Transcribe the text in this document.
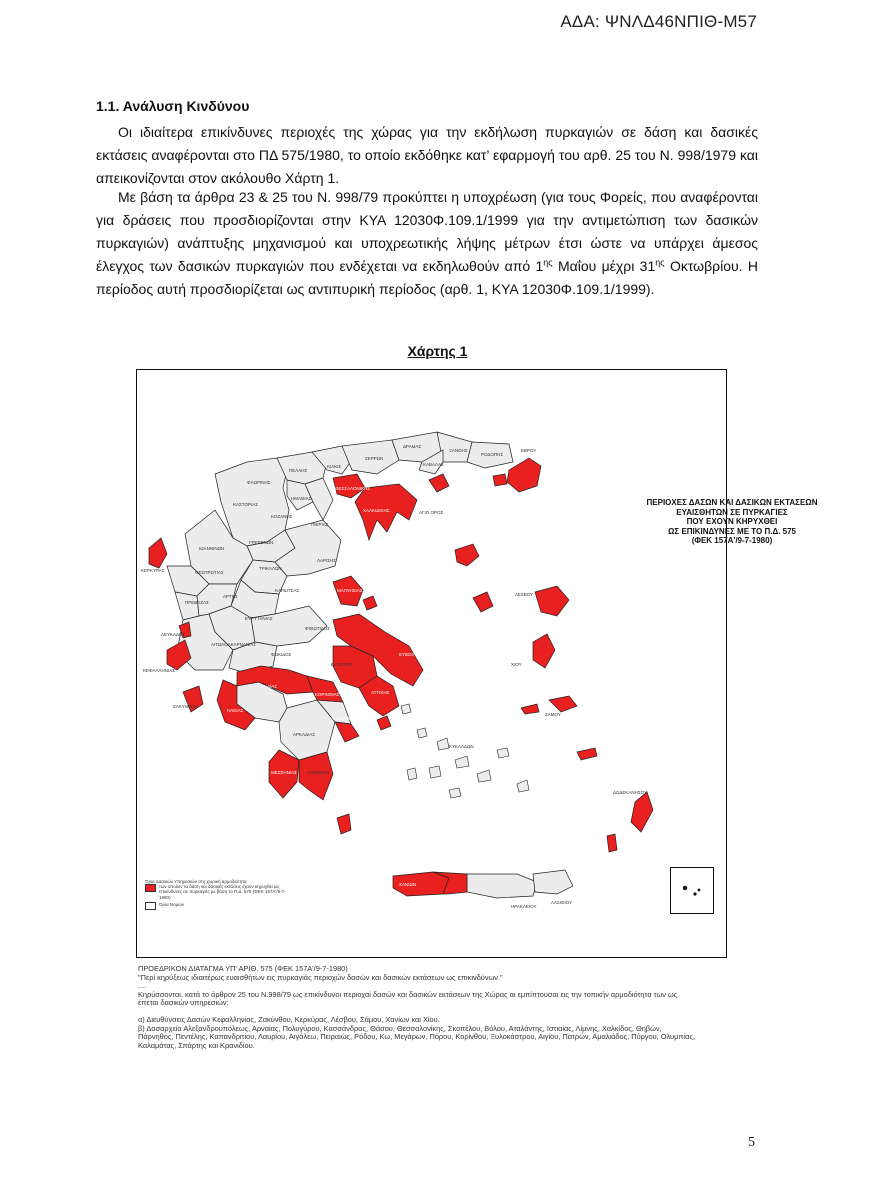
ΑΔΑ: ΨΝΛΔ46ΝΠΙΘ-Μ57
1.1. Ανάλυση Κινδύνου

Οι ιδιαίτερα επικίνδυνες περιοχές της χώρας για την εκδήλωση πυρκαγιών σε δάση και δασικές εκτάσεις αναφέρονται στο ΠΔ 575/1980, το οποίο εκδόθηκε κατ’ εφαρμογή του αρθ. 25 του Ν. 998/1979 και απεικονίζονται στον ακόλουθο Χάρτη 1.

Με βάση τα άρθρα 23 & 25 του Ν. 998/79 προκύπτει η υποχρέωση (για τους Φορείς, που αναφέρονται για δράσεις που προσδιορίζονται στην ΚΥΑ 12030Φ.109.1/1999 για την αντιμετώπιση των δασικών πυρκαγιών) ανάπτυξης μηχανισμού και υποχρεωτικής λήψης μέτρων έτσι ώστε να υπάρχει άμεσος έλεγχος των δασικών πυρκαγιών που ενδέχεται να εκδηλωθούν από $1^{\eta\varsigma}$ Μαΐου μέχρι $31^{\eta\varsigma}$ Οκτωβρίου. Η περίοδος αυτή προσδιορίζεται ως αντιπυρική περίοδος (αρθ. 1, ΚΥΑ 12030Φ.109.1/1999).

Χάρτης 1
ΠΕΡΙΟΧΕΣ ΔΑΣΩΝ ΚΑΙ ΔΑΣΙΚΩΝ ΕΚΤΑΣΕΩΝ
ΕΥΑΙΣΘΗΤΩΝ ΣΕ ΠΥΡΚΑΓΙΕΣ
ΠΟΥ ΕΧΟΥΝ ΚΗΡΥΧΘΕΙ
ΩΣ ΕΠΙΚΙΝΔΥΝΕΣ ΜΕ ΤΟ Π.Δ. 575
(ΦΕΚ 157Α'/9-7-1980)
ΚΕΡΚΥΡΑΣ	ΘΕΣΠΡΩΤΙΑΣ
ΙΩΑΝΝΙΝΩΝ
ΑΡΤΗΣ
ΠΡΕΒΕΖΑΣ
ΛΕΥΚΑΔΟΣ
ΚΕΦΑΛΛΗΝΙΑΣ
ΖΑΚΥΝΘΟΥ
ΚΑΣΤΟΡΙΑΣ
ΦΛΩΡΙΝΗΣ
ΠΕΛΛΗΣ
ΚΙΛΚΙΣ
ΣΕΡΡΩΝ
ΔΡΑΜΑΣ
ΞΑΝΘΗΣ
ΡΟΔΟΠΗΣ
ΕΒΡΟΥ
ΚΑΒΑΛΑΣ
ΘΕΣΣΑΛΟΝΙΚΗΣ
ΧΑΛΚΙΔΙΚΗΣ	ΑΓΙΟ ΟΡΟΣ
ΗΜΑΘΙΑΣ
ΚΟΖΑΝΗΣ
ΠΙΕΡΙΑΣ
ΓΡΕΒΕΝΩΝ
ΤΡΙΚΑΛΩΝ
ΛΑΡΙΣΗΣ
ΚΑΡΔΙΤΣΑΣ	ΜΑΓΝΗΣΙΑΣ
ΦΘΙΩΤΙΔΟΣ
ΕΥΡΥΤΑΝΙΑΣ
ΑΙΤΩΛΟΑΚΑΡΝΑΝΙΑΣ
ΦΩΚΙΔΟΣ
ΒΟΙΩΤΙΑΣ
ΕΥΒΟΙΑΣ
ΑΤΤΙΚΗΣ
ΚΟΡΙΝΘΙΑΣ
ΑΧΑΪΑΣ
ΗΛΕΙΑΣ
ΑΡΚΑΔΙΑΣ
ΑΡΓΟΛΙΔΟΣ
ΜΕΣΣΗΝΙΑΣ ΛΑΚΩΝΙΑΣ
ΛΕΣΒΟΥ
ΧΙΟΥ
ΣΑΜΟΥ
ΚΥΚΛΑΔΩΝ
ΔΩΔΕΚΑΝΗΣΟΥ
ΧΑΝΙΩΝ
ΗΡΑΚΛΕΙΟΥ
ΛΑΣΙΘΙΟΥ
Όρια Δασικών Υπηρεσιών στη χωρική αρμοδιότητα
των οποίων τα δάση και δασικές εκτάσεις έχουν κηρυχθεί ως επικίνδυνες σε πυρκαγιές με βάση το Π.Δ. 575 (ΦΕΚ 157Α'/9-7-1980)
Όρια Νομών

ΠΡΟΕΔΡΙΚΟΝ ΔΙΑΤΑΓΜΑ ΥΠ' ΑΡΙΘ. 575 (ΦΕΚ 157Α'/9-7-1980)

"Περί κηρύξεως ιδιαιτέρως ευαισθήτων εις πυρκαγιάς περιοχών δασών και δασικών εκτάσεων ως επικινδύνων."

....

Κηρύσσονται, κατά το άρθρον 25 του Ν.998/79 ως επικίνδυνοι περιοχαί δασών και δασικών εκτάσεων της Χώρας αι εμπίπτουσαι εις την τοπικήν αρμοδιότητα των ως έπεται δασικών υπηρεσιών:

α) Διευθύνσεις Δασών Κεφαλληνίας, Ζακύνθου, Κερκύρας, Λέσβου, Σάμου, Χανίων και Χίου.

β) Δασαρχεία Αλεξανδρουπόλεως, Αρναίας, Πολυγύρου, Κασσάνδρας, Θάσου, Θεσσαλονίκης, Σκοπέλου, Βόλου, Αταλάντης, Ιστιαίας, Λίμνης, Χαλκίδος, Θηβών, Πάρνηθος, Πεντέλης, Καπανδριτίου, Λαυρίου, Αιγάλεω, Πειραιώς, Ρόδου, Κω, Μεγάρων, Πόρου, Κορίνθου, Ξυλοκάστρου, Αιγίου, Πατρών, Αμαλιάδος, Πύργου, Ολυμπίας, Καλαμάτας, Σπάρτης και Κρανιδίου.

5
